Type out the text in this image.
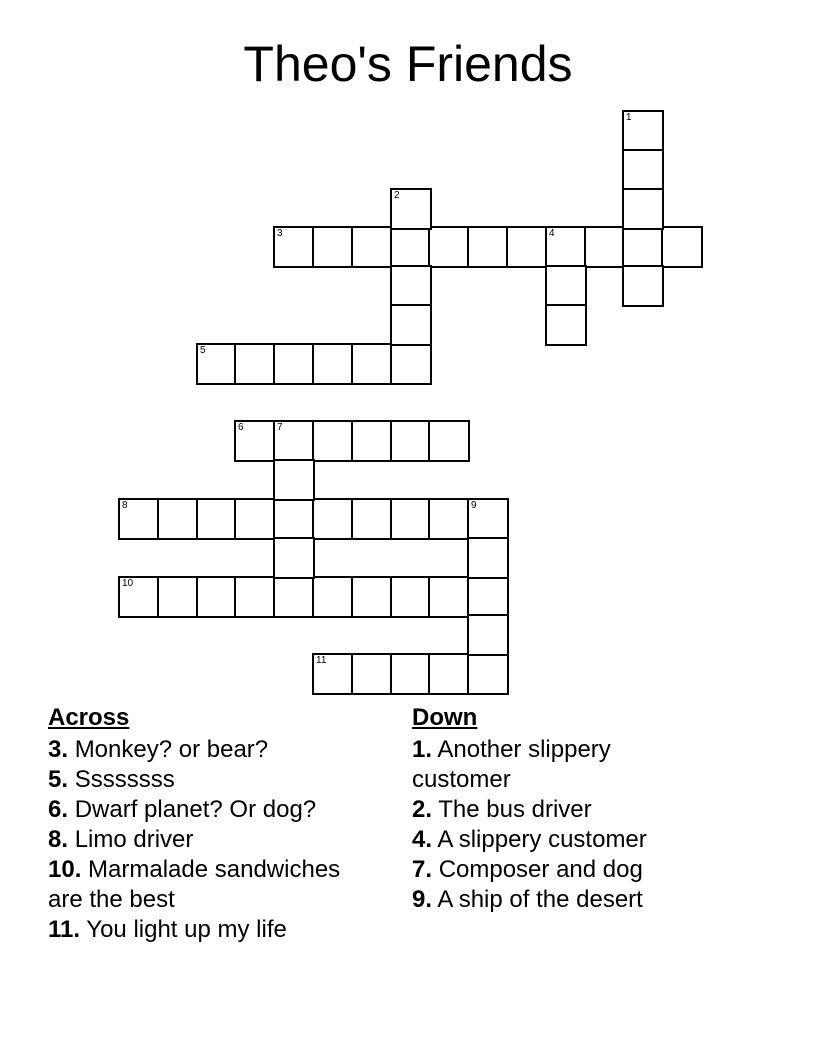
Theo's Friends
3	4
5
6	7
8	9
10
11
1
2
Across
3. Monkey? or bear?
5. Ssssssss
6. Dwarf planet? Or dog?
8. Limo driver
10. Marmalade sandwiches are the best
11. You light up my life
Down
1. Another slippery customer
2. The bus driver
4. A slippery customer
7. Composer and dog
9. A ship of the desert
